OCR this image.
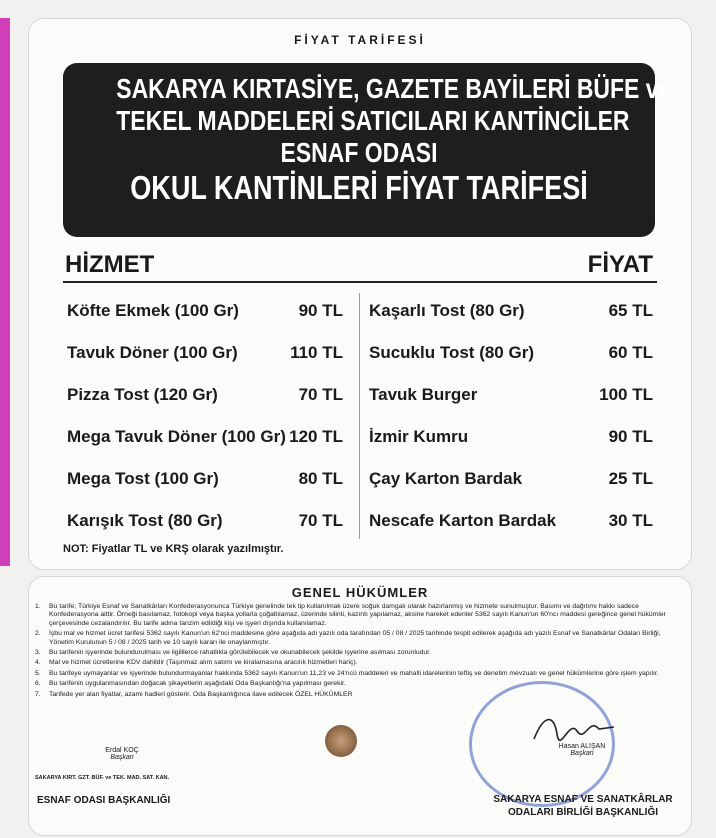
FİYAT TARİFESİ
SAKARYA KIRTASİYE, GAZETE BAYİLERİ BÜFE ve
TEKEL MADDELERİ SATICILARI KANTİNCİLER
ESNAF ODASI
OKUL KANTİNLERİ FİYAT TARİFESİ
HİZMET	FİYAT
Köfte Ekmek (100 Gr)	90 TL
Tavuk Döner (100 Gr)	110 TL
Pizza Tost (120 Gr)	70 TL
Mega Tavuk Döner (100 Gr) 120 TL
Mega Tost (100 Gr)	80 TL
Karışık Tost (80 Gr)	70 TL
Kaşarlı Tost (80 Gr)	65 TL
Sucuklu Tost (80 Gr)	60 TL
Tavuk Burger	100 TL
İzmir Kumru	90 TL
Çay Karton Bardak	25 TL
Nescafe Karton Bardak	30 TL
NOT: Fiyatlar TL ve KRŞ olarak yazılmıştır.
GENEL HÜKÜMLER
1.	Bu tarife; Türkiye Esnaf ve Sanatkârları Konfederasyonunca Türkiye genelinde tek tip kullanılmak üzere soğuk damgalı olarak hazırlanmış ve hizmete sunulmuştur. Basımı ve dağıtımı hakkı sadece Konfederasyona aittir. Örneği basılamaz, fotokopi veya başka yollarla çoğaltılamaz, üzerinde silinti, kazıntı yapılamaz, aksine hareket edenler 5362 sayılı Kanun'un 60'ncı maddesi gereğince genel hükümler çerçevesinde cezalandırılır. Bu tarife adına tanzim edildiği kişi ve işyeri dışında kullanılamaz.
2.	İşbu mal ve hizmet ücret tarifesi 5362 sayılı Kanun'un 62'nci maddesine göre aşağıda adı yazılı oda tarafından 05 / 08 / 2025 tarihinde tespit edilerek aşağıda adı yazılı Esnaf ve Sanatkârlar Odaları Birliği, Yönetim Kurulunun 5 / 08 / 2025 tarih ve 10 sayılı kararı ile onaylanmıştır.
3.	Bu tarifenin işyerinde bulundurulması ve ilgililerce rahatlıkla görülebilecek ve okunabilecek şekilde işyerine asılması zorunludur.
4.	Mal ve hizmet ücretlerine KDV dahildir (Taşınmaz alım satımı ve kiralamasına aracılık hizmetleri hariç).
5.	Bu tarifeye uymayanlar ve işyerinde bulundurmayanlar hakkında 5362 sayılı Kanun'un 11,23 ve 24'ncü maddeleri ve mahalli idarelerinin teftiş ve denetim mevzuatı ve genel hükümlerine göre işlem yapılır.
6.	Bu tarifenin uygulanmasından doğacak şikayetlerin aşağıdaki Oda Başkanlığı'na yapılması gerekir.
7.	Tarifede yer alan fiyatlar, azami hadleri gösterir. Oda Başkanlığınca ilave edilecek ÖZEL HÜKÜMLER
Erdal KOÇ
Başkan
Hasan ALIŞAN
Başkan
SAKARYA KIRT. GZT. BÜF. ve TEK. MAD. SAT. KAN.
ESNAF ODASI BAŞKANLIĞI	SAKARYA ESNAF VE SANATKÂRLAR
ODALARI BİRLİĞİ BAŞKANLIĞI
